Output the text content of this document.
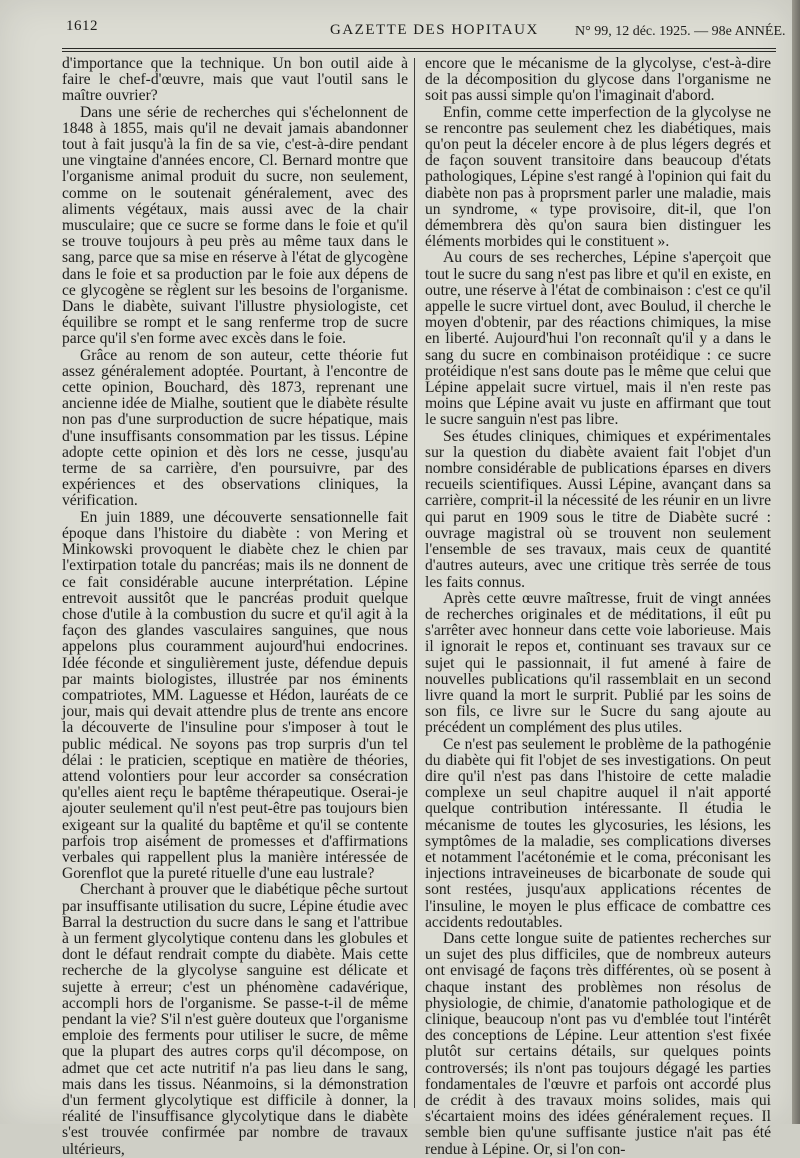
1612	GAZETTE DES HOPITAUX	N° 99, 12 déc. 1925. — 98e ANNÉE.

d'importance que la technique. Un bon outil aide à faire le chef-d'œuvre, mais que vaut l'outil sans le maître ouvrier?

Dans une série de recherches qui s'échelonnent de 1848 à 1855, mais qu'il ne devait jamais abandonner tout à fait jusqu'à la fin de sa vie, c'est-à-dire pendant une vingtaine d'années encore, Cl. Bernard montre que l'organisme animal produit du sucre, non seulement, comme on le soutenait généralement, avec des aliments végétaux, mais aussi avec de la chair musculaire; que ce sucre se forme dans le foie et qu'il se trouve toujours à peu près au même taux dans le sang, parce que sa mise en réserve à l'état de glycogène dans le foie et sa production par le foie aux dépens de ce glycogène se règlent sur les besoins de l'organisme. Dans le diabète, suivant l'illustre physiologiste, cet équilibre se rompt et le sang renferme trop de sucre parce qu'il s'en forme avec excès dans le foie.

Grâce au renom de son auteur, cette théorie fut assez généralement adoptée. Pourtant, à l'encontre de cette opinion, Bouchard, dès 1873, reprenant une ancienne idée de Mialhe, soutient que le diabète résulte non pas d'une surproduction de sucre hépatique, mais d'une insuffisants consommation par les tissus. Lépine adopte cette opinion et dès lors ne cesse, jusqu'au terme de sa carrière, d'en poursuivre, par des expériences et des observations cliniques, la vérification.

En juin 1889, une découverte sensationnelle fait époque dans l'histoire du diabète : von Mering et Minkowski provoquent le diabète chez le chien par l'extirpation totale du pancréas; mais ils ne donnent de ce fait considérable aucune interprétation. Lépine entrevoit aussitôt que le pancréas produit quelque chose d'utile à la combustion du sucre et qu'il agit à la façon des glandes vasculaires sanguines, que nous appelons plus couramment aujourd'hui endocrines. Idée féconde et singulièrement juste, défendue depuis par maints biologistes, illustrée par nos éminents compatriotes, MM. Laguesse et Hédon, lauréats de ce jour, mais qui devait attendre plus de trente ans encore la découverte de l'insuline pour s'imposer à tout le public médical. Ne soyons pas trop surpris d'un tel délai : le praticien, sceptique en matière de théories, attend volontiers pour leur accorder sa consécration qu'elles aient reçu le baptême thérapeutique. Oserai-je ajouter seulement qu'il n'est peut-être pas toujours bien exigeant sur la qualité du baptême et qu'il se contente parfois trop aisément de promesses et d'affirmations verbales qui rappellent plus la manière intéressée de Gorenflot que la pureté rituelle d'une eau lustrale?

Cherchant à prouver que le diabétique pêche surtout par insuffisante utilisation du sucre, Lépine étudie avec Barral la destruction du sucre dans le sang et l'attribue à un ferment glycolytique contenu dans les globules et dont le défaut rendrait compte du diabète. Mais cette recherche de la glycolyse sanguine est délicate et sujette à erreur; c'est un phénomène cadavérique, accompli hors de l'organisme. Se passe-t-il de même pendant la vie? S'il n'est guère douteux que l'organisme emploie des ferments pour utiliser le sucre, de même que la plupart des autres corps qu'il décompose, on admet que cet acte nutritif n'a pas lieu dans le sang, mais dans les tissus. Néanmoins, si la démonstration d'un ferment glycolytique est difficile à donner, la réalité de l'insuffisance glycolytique dans le diabète s'est trouvée confirmée par nombre de travaux ultérieurs,

encore que le mécanisme de la glycolyse, c'est-à-dire de la décomposition du glycose dans l'organisme ne soit pas aussi simple qu'on l'imaginait d'abord.

Enfin, comme cette imperfection de la glycolyse ne se rencontre pas seulement chez les diabétiques, mais qu'on peut la déceler encore à de plus légers degrés et de façon souvent transitoire dans beaucoup d'états pathologiques, Lépine s'est rangé à l'opinion qui fait du diabète non pas à proprsment parler une maladie, mais un syndrome, « type provisoire, dit-il, que l'on démembrera dès qu'on saura bien distinguer les éléments morbides qui le constituent ».

Au cours de ses recherches, Lépine s'aperçoit que tout le sucre du sang n'est pas libre et qu'il en existe, en outre, une réserve à l'état de combinaison : c'est ce qu'il appelle le sucre virtuel dont, avec Boulud, il cherche le moyen d'obtenir, par des réactions chimiques, la mise en liberté. Aujourd'hui l'on reconnaît qu'il y a dans le sang du sucre en combinaison protéidique : ce sucre protéidique n'est sans doute pas le même que celui que Lépine appelait sucre virtuel, mais il n'en reste pas moins que Lépine avait vu juste en affirmant que tout le sucre sanguin n'est pas libre.

Ses études cliniques, chimiques et expérimentales sur la question du diabète avaient fait l'objet d'un nombre considérable de publications éparses en divers recueils scientifiques. Aussi Lépine, avançant dans sa carrière, comprit-il la nécessité de les réunir en un livre qui parut en 1909 sous le titre de Diabète sucré : ouvrage magistral où se trouvent non seulement l'ensemble de ses travaux, mais ceux de quantité d'autres auteurs, avec une critique très serrée de tous les faits connus.

Après cette œuvre maîtresse, fruit de vingt années de recherches originales et de méditations, il eût pu s'arrêter avec honneur dans cette voie laborieuse. Mais il ignorait le repos et, continuant ses travaux sur ce sujet qui le passionnait, il fut amené à faire de nouvelles publications qu'il rassemblait en un second livre quand la mort le surprit. Publié par les soins de son fils, ce livre sur le Sucre du sang ajoute au précédent un complément des plus utiles.

Ce n'est pas seulement le problème de la pathogénie du diabète qui fit l'objet de ses investigations. On peut dire qu'il n'est pas dans l'histoire de cette maladie complexe un seul chapitre auquel il n'ait apporté quelque contribution intéressante. Il étudia le mécanisme de toutes les glycosuries, les lésions, les symptômes de la maladie, ses complications diverses et notamment l'acétonémie et le coma, préconisant les injections intraveineuses de bicarbonate de soude qui sont restées, jusqu'aux applications récentes de l'insuline, le moyen le plus efficace de combattre ces accidents redoutables.

Dans cette longue suite de patientes recherches sur un sujet des plus difficiles, que de nombreux auteurs ont envisagé de façons très différentes, où se posent à chaque instant des problèmes non résolus de physiologie, de chimie, d'anatomie pathologique et de clinique, beaucoup n'ont pas vu d'emblée tout l'intérêt des conceptions de Lépine. Leur attention s'est fixée plutôt sur certains détails, sur quelques points controversés; ils n'ont pas toujours dégagé les parties fondamentales de l'œuvre et parfois ont accordé plus de crédit à des travaux moins solides, mais qui s'écartaient moins des idées généralement reçues. Il semble bien qu'une suffisante justice n'ait pas été rendue à Lépine. Or, si l'on con-
